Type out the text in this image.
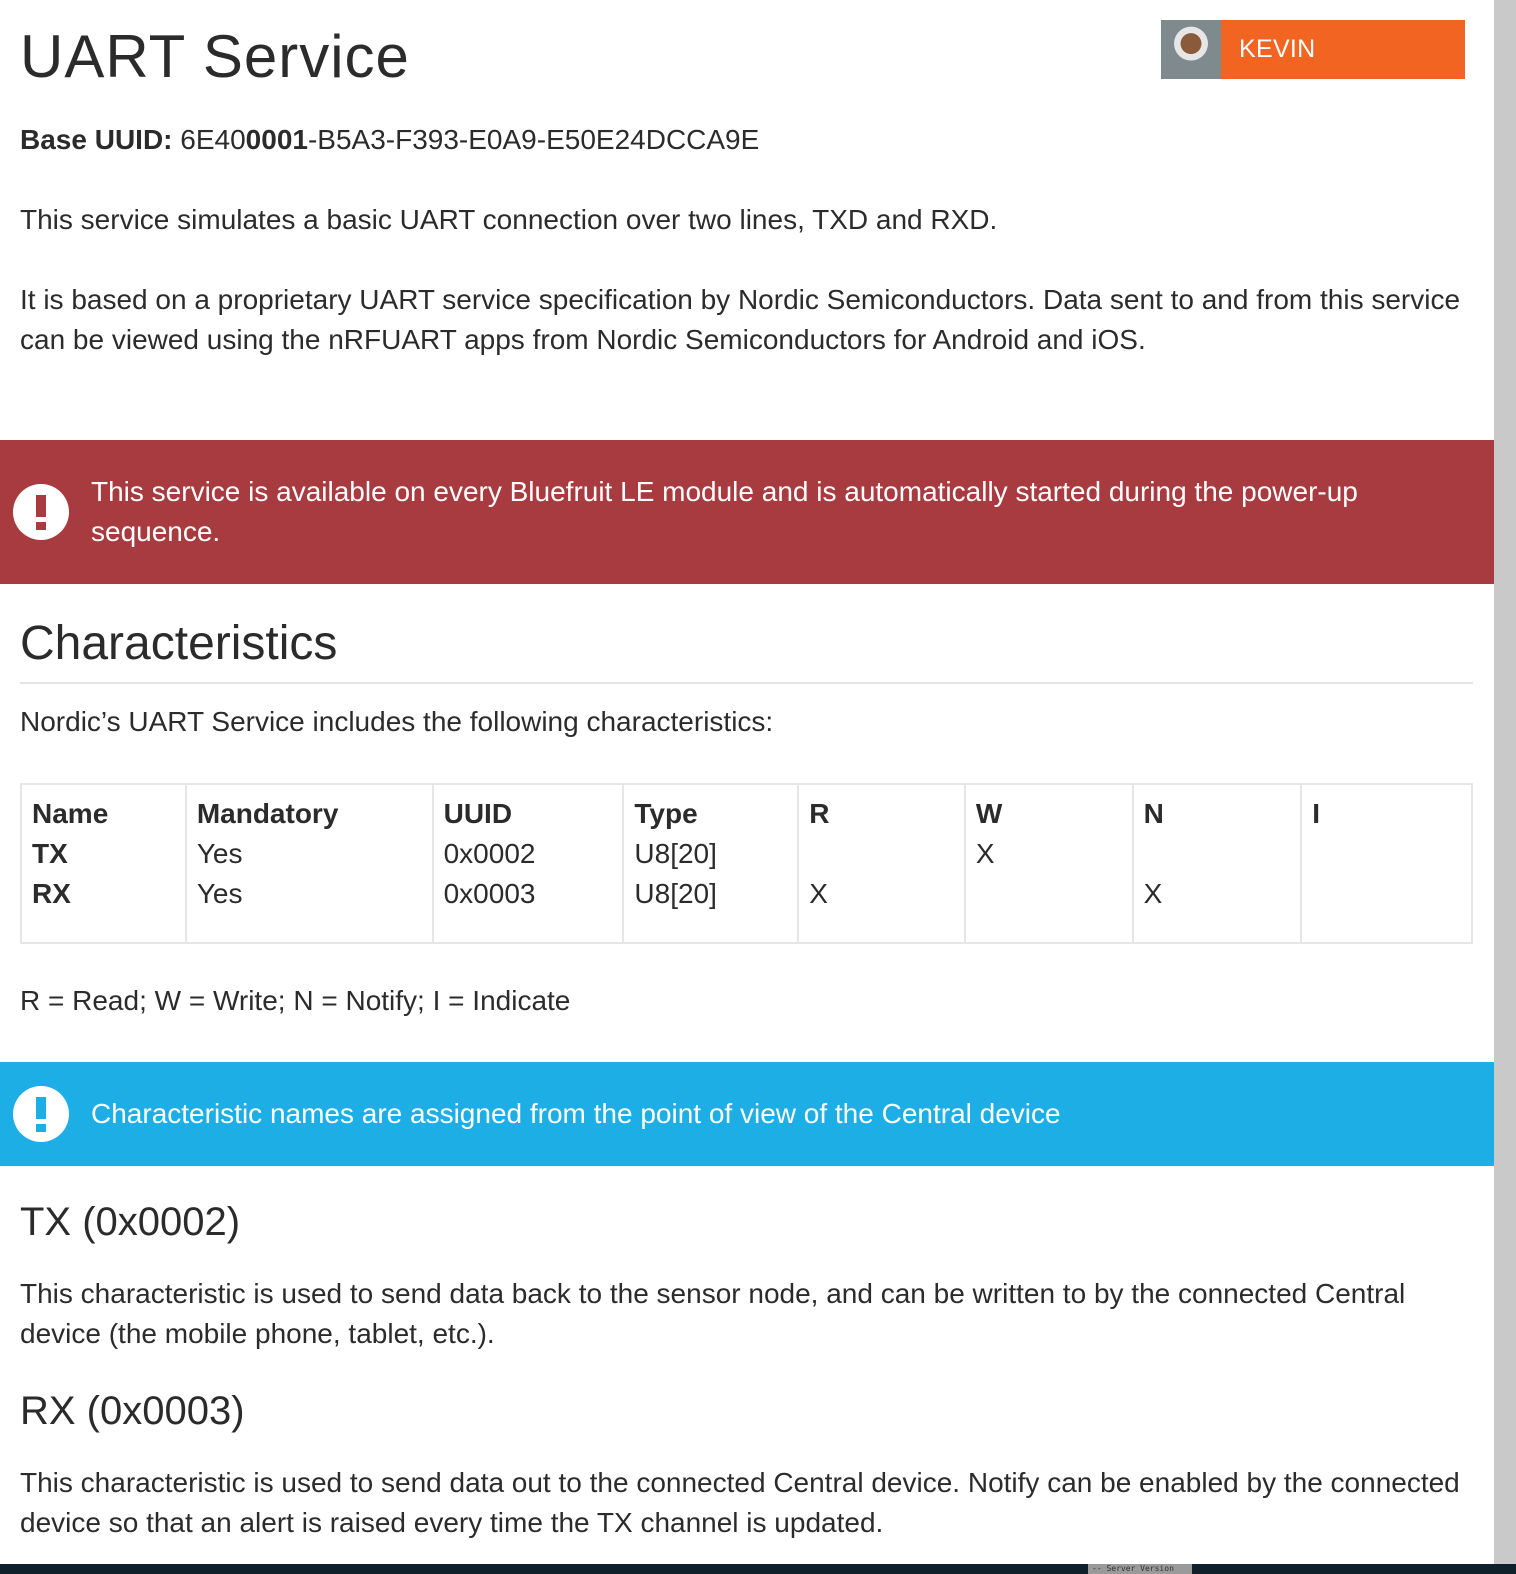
UART Service	KEVIN TOWNSEND
Base UUID: 6E400001-B5A3-F393-E0A9-E50E24DCCA9E

This service simulates a basic UART connection over two lines, TXD and RXD.

It is based on a proprietary UART service specification by Nordic Semiconductors. Data sent to and from this service can be viewed using the nRFUART apps from Nordic Semiconductors for Android and iOS.

This service is available on every Bluefruit LE module and is automatically started during the power-up sequence.
Characteristics

Nordic’s UART Service includes the following characteristics:

Name	Mandatory	UUID	Type	R	W	N	I
TX	Yes	0x0002	U8[20]		X		
RX	Yes	0x0003	U8[20]	X		X	

R = Read; W = Write; N = Notify; I = Indicate

Characteristic names are assigned from the point of view of the Central device
TX (0x0002)

This characteristic is used to send data back to the sensor node, and can be written to by the connected Central device (the mobile phone, tablet, etc.).

RX (0x0003)

This characteristic is used to send data out to the connected Central device. Notify can be enabled by the connected device so that an alert is raised every time the TX channel is updated.

-- Server Version
